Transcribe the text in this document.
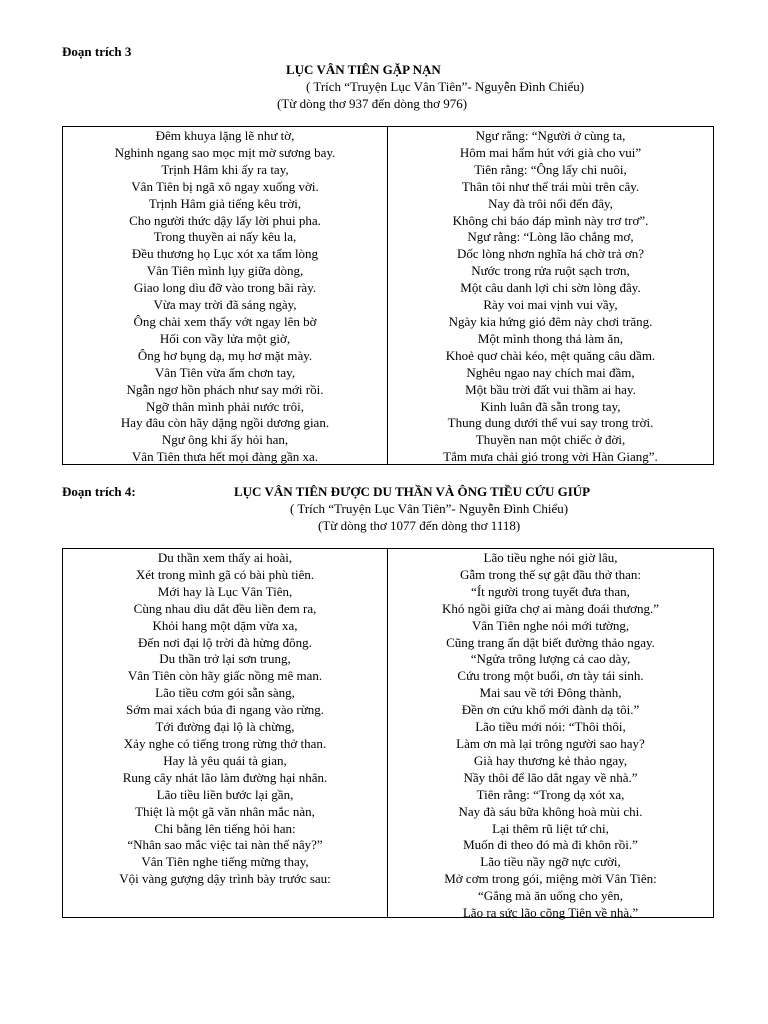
Đoạn trích 3
LỤC VÂN TIÊN GẶP NẠN
( Trích “Truyện Lục Vân Tiên”- Nguyễn Đình Chiểu)
(Từ dòng thơ 937 đến dòng thơ 976)
Đêm khuya lặng lẽ như tờ,
Nghinh ngang sao mọc mịt mờ sương bay.
Trịnh Hâm khi ấy ra tay,
Vân Tiên bị ngã xô ngay xuống vời.
Trịnh Hâm giả tiếng kêu trời,
Cho người thức dậy lấy lời phui pha.
Trong thuyền ai nấy kêu la,
Đều thương họ Lục xót xa tấm lòng
Vân Tiên mình lụy giữa dòng,
Giao long dìu đỡ vào trong bãi rày.
Vừa may trời đã sáng ngày,
Ông chài xem thấy vớt ngay lên bờ
Hối con vầy lửa một giờ,
Ông hơ bụng dạ, mụ hơ mặt mày.
Vân Tiên vừa ấm chơn tay,
Ngẫn ngơ hồn phách như say mới rồi.
Ngỡ thân mình phải nước trôi,
Hay đâu còn hãy dặng ngồi dương gian.
Ngư ông khi ấy hỏi han,
Vân Tiên thưa hết mọi đàng gần xa.
Ngư rằng: “Người ở cùng ta,
Hôm mai hẩm hút với già cho vui”
Tiên rằng: “Ông lấy chi nuôi,
Thân tôi như thể trái mùi trên cây.
Nay đà trôi nổi đến đây,
Không chi báo đáp mình này trơ trơ”.
Ngư rằng: “Lòng lão chẳng mơ,
Dốc lòng nhơn nghĩa há chờ trả ơn?
Nước trong rửa ruột sạch trơn,
Một câu danh lợi chi sờn lòng đây.
Rày voi mai vịnh vui vầy,
Ngày kia hứng gió đêm này chơi trăng.
Một mình thong thả làm ăn,
Khoẻ quơ chài kéo, mệt quăng câu dầm.
Nghêu ngao nay chích mai đầm,
Một bầu trời đất vui thầm ai hay.
Kinh luân đã sẵn trong tay,
Thung dung dưới thế vui say trong trời.
Thuyền nan một chiếc ở đời,
Tắm mưa chải gió trong vời Hàn Giang”.
Đoạn trích 4:	LỤC VÂN TIÊN ĐƯỢC DU THẦN VÀ ÔNG TIỀU CỨU GIÚP
( Trích “Truyện Lục Vân Tiên”- Nguyễn Đình Chiểu)
(Từ dòng thơ 1077 đến dòng thơ 1118)
Du thần xem thấy ai hoài,
Xét trong mình gã có bài phù tiên.
Mới hay là Lục Vân Tiên,
Cùng nhau dìu dắt đều liền đem ra,
Khỏi hang một dặm vừa xa,
Đến nơi đại lộ trời đà hừng đông.
Du thần trở lại sơn trung,
Vân Tiên còn hãy giấc nồng mê man.
Lão tiều cơm gói sẵn sàng,
Sớm mai xách búa đi ngang vào rừng.
Tới đường đại lộ là chừng,
Xảy nghe có tiếng trong rừng thở than.
Hay là yêu quái tà gian,
Rung cây nhát lão làm đường hại nhân.
Lão tiều liền bước lại gần,
Thiệt là một gã văn nhân mắc nàn,
Chi bằng lên tiếng hỏi han:
“Nhân sao mắc việc tai nàn thế nây?”
Vân Tiên nghe tiếng mừng thay,
Vội vàng gượng dậy trình bày trước sau:
Lão tiều nghe nói giờ lâu,
Gẫm trong thế sự gật đầu thở than:
“Ít người trong tuyết đưa than,
Khó ngồi giữa chợ ai màng đoái thương.”
Vân Tiên nghe nói mới tường,
Cũng trang ẩn dật biết đường thảo ngay.
“Ngửa trông lượng cả cao dày,
Cứu trong một buổi, ơn tày tái sinh.
Mai sau về tới Đông thành,
Đền ơn cứu khổ mới đành dạ tôi.”
Lão tiều mới nói: “Thôi thôi,
Làm ơn mà lại trông người sao hay?
Già hay thương kẻ thảo ngay,
Nầy thôi để lão dắt ngay về nhà.”
Tiên rằng: “Trong dạ xót xa,
Nay đà sáu bữa không hoà mùi chi.
Lại thêm rũ liệt tứ chi,
Muốn đi theo đó mà đi khôn rồi.”
Lão tiều nầy ngỡ nực cười,
Mở cơm trong gói, miệng mời Vân Tiên:
“Gắng mà ăn uống cho yên,
Lão ra sức lão cõng Tiên về nhà.”
